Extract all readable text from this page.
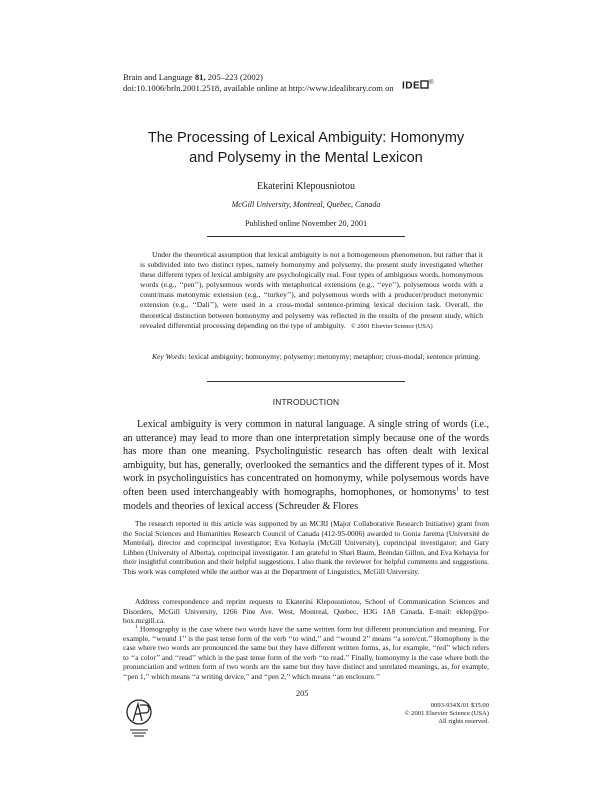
Brain and Language 81, 205–223 (2002)
doi:10.1006/brln.2001.2518, available online at http://www.idealibrary.com on IDE ®
The Processing of Lexical Ambiguity: Homonymy
and Polysemy in the Mental Lexicon
Ekaterini Klepousniotou
McGill University, Montreal, Quebec, Canada
Published online November 20, 2001
Under the theoretical assumption that lexical ambiguity is not a homogeneous phenomenon, but rather that it is subdivided into two distinct types, namely homonymy and polysemy, the present study investigated whether these different types of lexical ambiguity are psychologically real. Four types of ambiguous words, homonymous words (e.g., ‘‘pen’’), polysemous words with metaphorical extensions (e.g., ‘‘eye’’), polysemous words with a count/mass metonymic extension (e.g., ‘‘turkey’’), and polysemous words with a producer/product metonymic extension (e.g., ‘‘Dali’’), were used in a cross-modal sentence-priming lexical decision task. Overall, the theoretical distinction between homonymy and polysemy was reflected in the results of the present study, which revealed differential processing depending on the type of ambiguity. © 2001 Elsevier Science (USA)
Key Words: lexical ambiguity; homonymy; polysemy; metonymy; metaphor; cross-modal; sentence priming.
INTRODUCTION
Lexical ambiguity is very common in natural language. A single string of words (i.e., an utterance) may lead to more than one interpretation simply because one of the words has more than one meaning. Psycholinguistic research has often dealt with lexical ambiguity, but has, generally, overlooked the semantics and the different types of it. Most work in psycholinguistics has concentrated on homonymy, while polysemous words have often been used interchangeably with homographs, homophones, or homonyms$^1$ to test models and theories of lexical access (Schreuder & Flores
The research reported in this article was supported by an MCRI (Major Collaborative Research Initiative) grant from the Social Sciences and Humanities Research Council of Canada (412-95-0006) awarded to Gonia Jarema (Université de Montréal), director and coprincipal investigator; Eva Kehayia (McGill University), coprincipal investigator; and Gary Libben (University of Alberta), coprincipal investigator. I am grateful to Shari Baum, Brendan Gillon, and Eva Kehayia for their insightful contribution and their helpful suggestions. I also thank the reviewer for helpful comments and suggestions. This work was completed while the author was at the Department of Linguistics, McGill University.
Address correspondence and reprint requests to Ekaterini Klepousniotou, School of Communication Sciences and Disorders, McGill University, 1266 Pine Ave. West, Montreal, Quebec, H3G 1A8 Canada. E-mail: eklep@po-box.mcgill.ca.
$^1$ Homography is the case where two words have the same written form but different pronunciation and meaning. For example, ‘‘wound 1’’ is the past tense form of the verb ‘‘to wind,’’ and ‘‘wound 2’’ means ‘‘a sore/cut.’’ Homophony is the case where two words are pronounced the same but they have different written forms, as, for example, ‘‘red’’ which refers to ‘‘a color’’ and ‘‘read’’ which is the past tense form of the verb ‘‘to read.’’ Finally, homonymy is the case where both the pronunciation and written form of two words are the same but they have distinct and unrelated meanings, as, for example, ‘‘pen 1,’’ which means ‘‘a writing device,’’ and ‘‘pen 2,’’ which means ‘‘an enclosure.’’
205
0093-934X/01 $35.00
© 2001 Elsevier Science (USA)
All rights reserved.
